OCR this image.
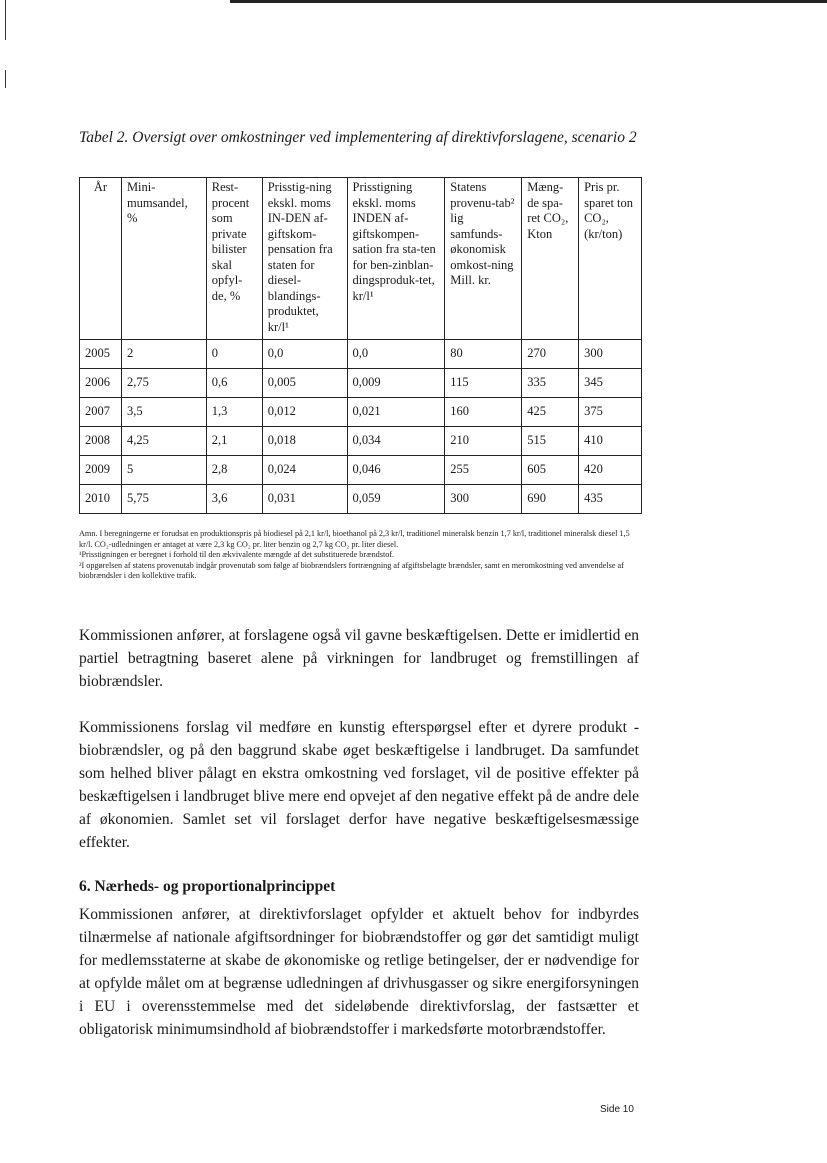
Tabel 2. Oversigt over omkostninger ved implementering af direktivforslagene, scenario 2
År	Mini-mumsandel, %	Rest-procent som private bilister skal opfyl-de, %	Prisstig-ning ekskl. moms IN-DEN af-giftskom-pensation fra staten for diesel-blandings-produktet, kr/l¹	Prisstigning ekskl. moms INDEN af-giftskompen-sation fra sta-ten for ben-zinblan-dingsproduk-tet, kr/l¹	Statens provenu-tab² lig samfunds-økonomisk omkost-ning Mill. kr.	Mæng-de spa-ret CO₂, Kton	Pris pr. sparet ton CO₂, (kr/ton)
2005	2	0	0,0	0,0	80	270	300
2006	2,75	0,6	0,005	0,009	115	335	345
2007	3,5	1,3	0,012	0,021	160	425	375
2008	4,25	2,1	0,018	0,034	210	515	410
2009	5	2,8	0,024	0,046	255	605	420
2010	5,75	3,6	0,031	0,059	300	690	435

Amn. I beregningerne er forudsat en produktionspris på biodiesel på 2,1 kr/l, bioethanol på 2,3 kr/l, traditionel mineralsk benzin 1,7 kr/l, traditionel mineralsk diesel 1,5 kr/l. CO₂-udledningen er antaget at være 2,3 kg CO₂ pr. liter benzin og 2,7 kg CO₂ pr. liter diesel.

¹Prisstigningen er beregnet i forhold til den ækvivalente mængde af det substituerede brændstof.

²I opgørelsen af statens provenutab indgår provenutab som følge af biobrændslers fortrængning af afgiftsbelagte brændsler, samt en meromkostning ved anvendelse af biobrændsler i den kollektive trafik.

Kommissionen anfører, at forslagene også vil gavne beskæftigelsen. Dette er imidlertid en partiel betragtning baseret alene på virkningen for landbruget og fremstillingen af biobrændsler.

Kommissionens forslag vil medføre en kunstig efterspørgsel efter et dyrere produkt - biobrændsler, og på den baggrund skabe øget beskæftigelse i landbruget. Da samfundet som helhed bliver pålagt en ekstra omkostning ved forslaget, vil de positive effekter på beskæftigelsen i landbruget blive mere end opvejet af den negative effekt på de andre dele af økonomien. Samlet set vil forslaget derfor have negative beskæftigelsesmæssige effekter.

6. Nærheds- og proportionalprincippet

Kommissionen anfører, at direktivforslaget opfylder et aktuelt behov for indbyrdes tilnærmelse af nationale afgiftsordninger for biobrændstoffer og gør det samtidigt muligt for medlemsstaterne at skabe de økonomiske og retlige betingelser, der er nødvendige for at opfylde målet om at begrænse udledningen af drivhusgasser og sikre energiforsyningen i EU i overensstemmelse med det sideløbende direktivforslag, der fastsætter et obligatorisk minimumsindhold af biobrændstoffer i markedsførte motorbrændstoffer.

Side 10
